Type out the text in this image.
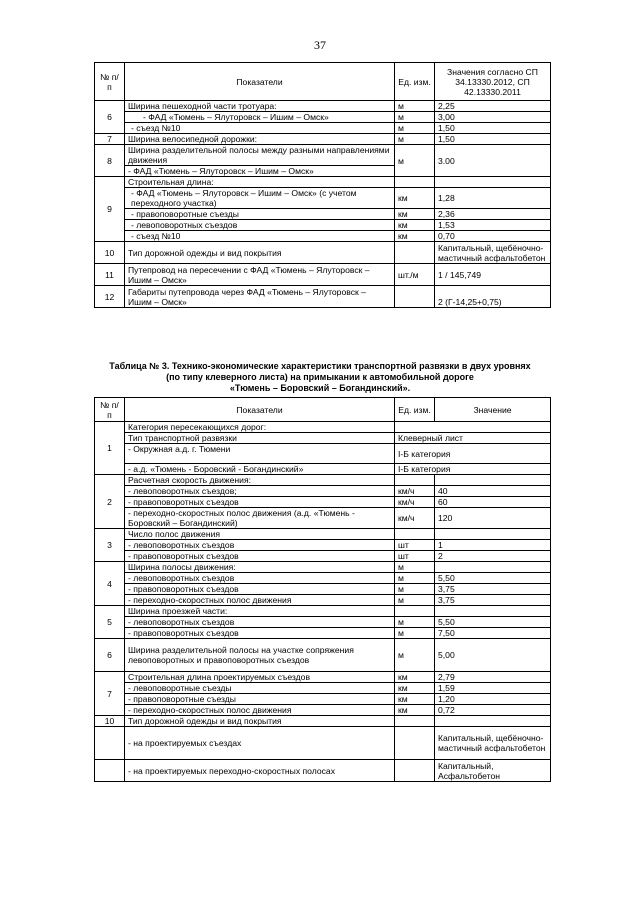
37
№ п/п	Показатели	Ед. изм.	Значения согласно СП 34.13330.2012, СП 42.13330.2011
6	Ширина пешеходной части тротуара:	м	2,25
	- ФАД «Тюмень – Ялуторовск – Ишим – Омск»	м	3,00
	- съезд №10	м	1,50
7	Ширина велосипедной дорожки:	м	1,50
8	Ширина разделительной полосы между разными направлениями движения	м	3.00
	- ФАД «Тюмень – Ялуторовск – Ишим – Омск»		
9	Строительная длина:		
	- ФАД «Тюмень – Ялуторовск – Ишим – Омск» (с учетом переходного участка)	км	1,28
	- правоповоротные съезды	км	2,36
	- левоповоротных съездов	км	1,53
	- съезд №10	км	0,70
10	Тип дорожной одежды и вид покрытия		Капитальный, щебёночно-мастичный асфальтобетон
11	Путепровод на пересечении с ФАД «Тюмень – Ялуторовск – Ишим – Омск»	шт./м	1 / 145,749
12	Габариты путепровода через ФАД «Тюмень – Ялуторовск – Ишим – Омск»		2 (Г-14,25+0,75)
Таблица № 3. Технико-экономические характеристики транспортной развязки в двух уровнях
(по типу клеверного листа) на примыкании к автомобильной дороге
«Тюмень – Боровский – Богандинский».
№ п/п	Показатели	Ед. изм.	Значение
1	Категория пересекающихся дорог:		
	Тип транспортной развязки	Клеверный лист	
	- Окружная а.д. г. Тюмени	I-Б категория	
	- а.д. «Тюмень - Боровский - Богандинский»	I-Б категория	
2	Расчетная скорость движения:		
	- левоповоротных съездов;	км/ч	40
	- правоповоротных съездов	км/ч	60
	- переходно-скоростных полос движения (а.д. «Тюмень - Боровский – Богандинский)	км/ч	120
3	Число полос движения		
	- левоповоротных съездов	шт	1
	- правоповоротных съездов	шт	2
4	Ширина полосы движения:	м	
	- левоповоротных съездов	м	5,50
	- правоповоротных съездов	м	3,75
	- переходно-скоростных полос движения	м	3,75
5	Ширина проезжей части:		
	- левоповоротных съездов	м	5,50
	- правоповоротных съездов	м	7,50
6	Ширина разделительной полосы на участке сопряжения левоповоротных и правоповоротных съездов	м	5,00
7	Строительная длина проектируемых съездов	км	2,79
	- левоповоротные съезды	км	1,59
	- правоповоротные съезды	км	1,20
	- переходно-скоростных полос движения	км	0,72
10	Тип дорожной одежды и вид покрытия		
	- на проектируемых съездах		Капитальный, щебёночно-мастичный асфальтобетон
	- на проектируемых переходно-скоростных полосах		Капитальный, Асфальтобетон
